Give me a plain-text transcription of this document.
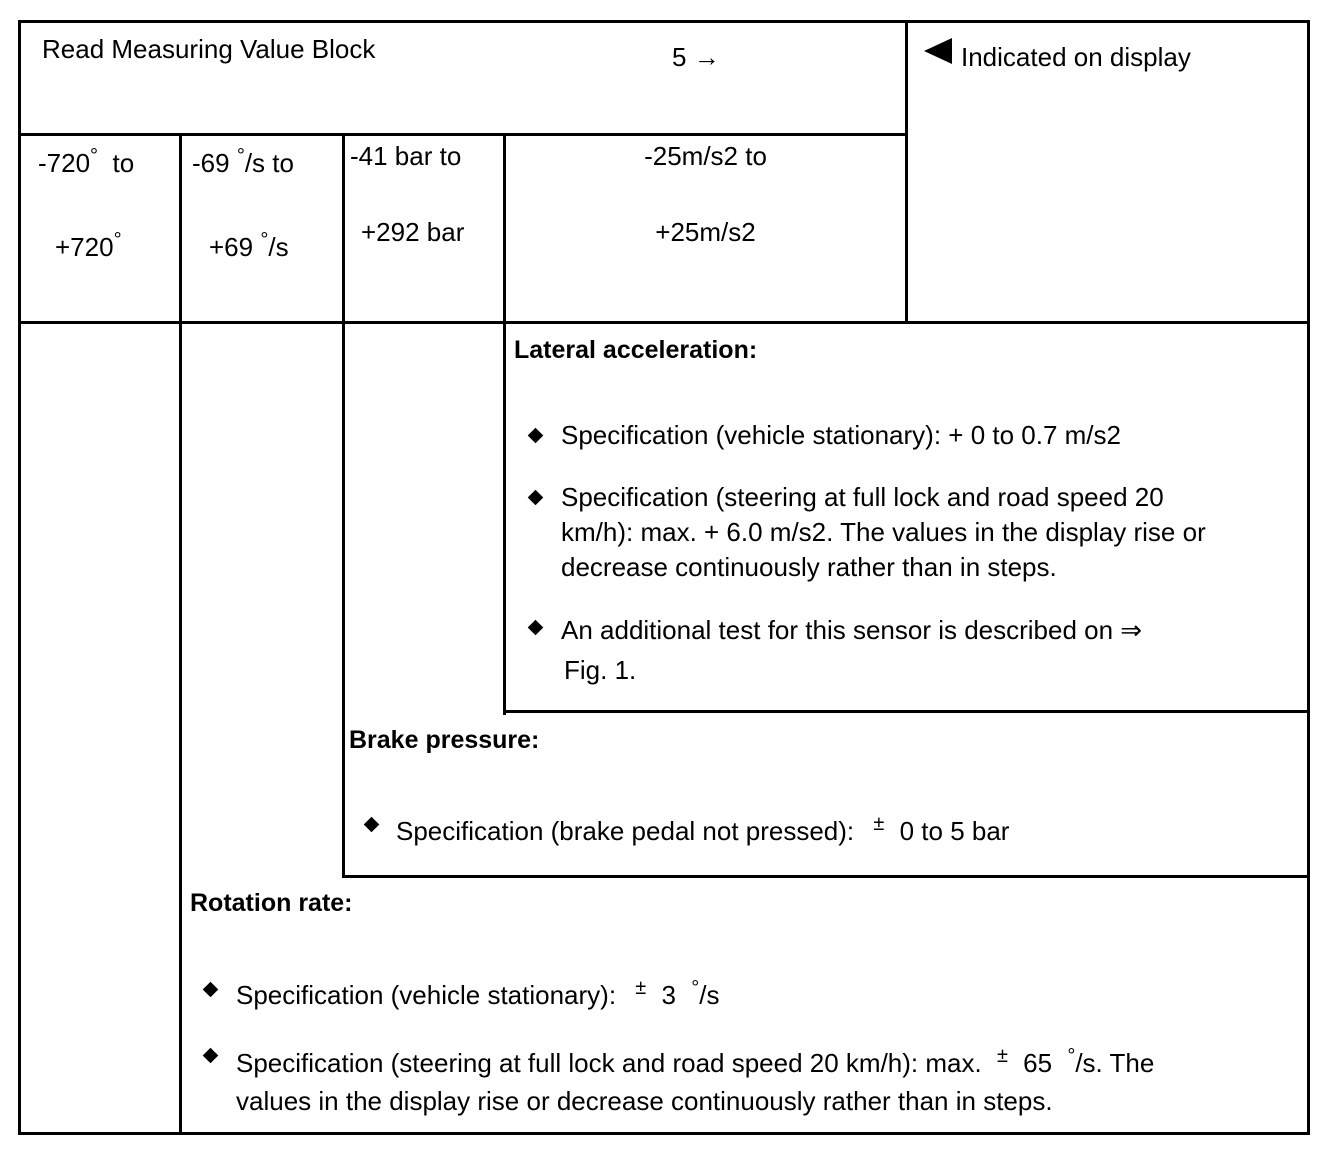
Read Measuring Value Block	5 →	Indicated on display
-720° to
+720°
-69 °/s to
+69 °/s
-41 bar to
+292 bar
-25m/s2 to
+25m/s2
Lateral acceleration:
Specification (vehicle stationary): + 0 to 0.7 m/s2
Specification (steering at full lock and road speed 20
km/h): max. + 6.0 m/s2. The values in the display rise or
decrease continuously rather than in steps.
An additional test for this sensor is described on ⇒
Fig. 1.
Brake pressure:
Specification (brake pedal not pressed): ± 0 to 5 bar
Rotation rate:
Specification (vehicle stationary): ± 3 °/s
Specification (steering at full lock and road speed 20 km/h): max. ± 65 °/s. The
values in the display rise or decrease continuously rather than in steps.
